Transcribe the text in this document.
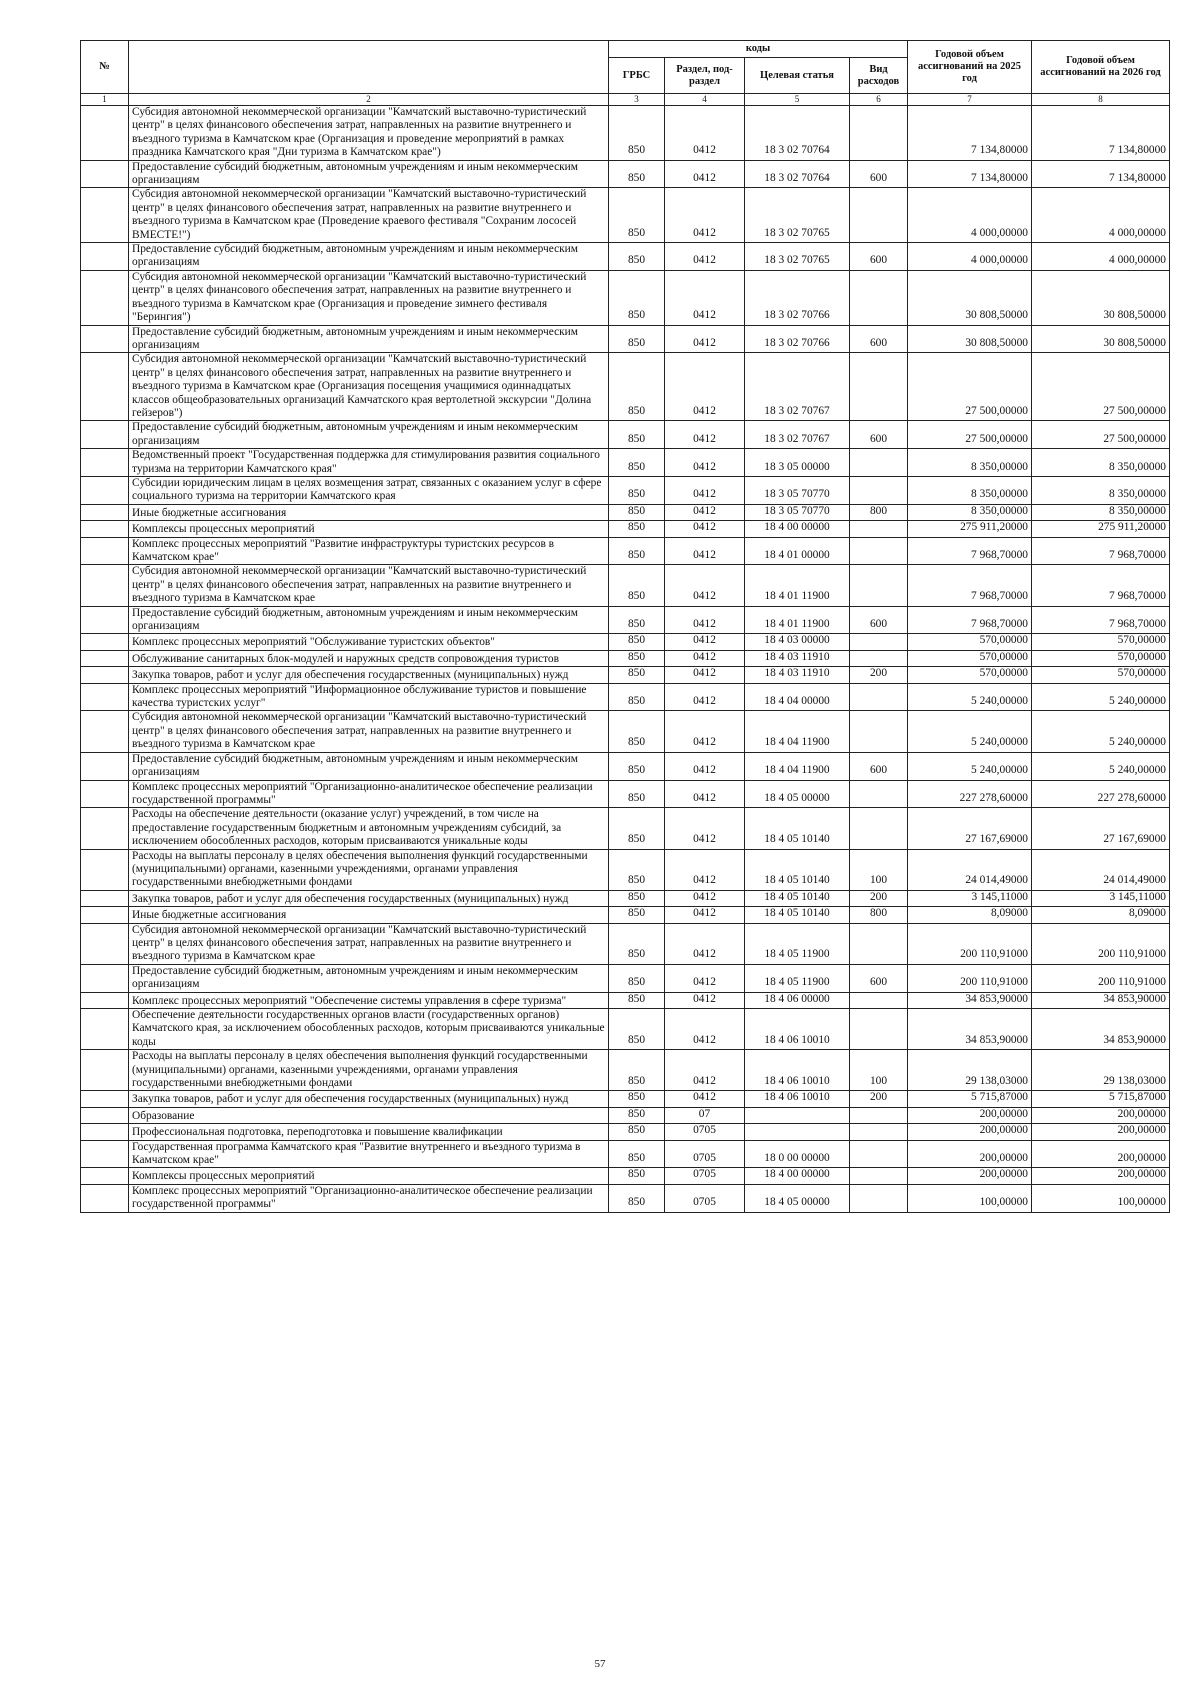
№		коды				Годовой объем ассигнований на 2025 год	Годовой объем ассигнований на 2026 год
		ГРБС	Раздел, под-раздел	Целевая статья	Вид расходов		
1	2	3	4	5	6	7	8
	Субсидия автономной некоммерческой организации "Камчатский выставочно-туристический центр" в целях финансового обеспечения затрат, направленных на развитие внутреннего и въездного туризма в Камчатском крае (Организация и проведение мероприятий в рамках праздника Камчатского края "Дни туризма в Камчатском крае")	850	0412	18 3 02 70764		7 134,80000	7 134,80000
	Предоставление субсидий бюджетным, автономным учреждениям и иным некоммерческим организациям	850	0412	18 3 02 70764	600	7 134,80000	7 134,80000
	Субсидия автономной некоммерческой организации "Камчатский выставочно-туристический центр" в целях финансового обеспечения затрат, направленных на развитие внутреннего и въездного туризма в Камчатском крае (Проведение краевого фестиваля "Сохраним лососей ВМЕСТЕ!")	850	0412	18 3 02 70765		4 000,00000	4 000,00000
	Предоставление субсидий бюджетным, автономным учреждениям и иным некоммерческим организациям	850	0412	18 3 02 70765	600	4 000,00000	4 000,00000
	Субсидия автономной некоммерческой организации "Камчатский выставочно-туристический центр" в целях финансового обеспечения затрат, направленных на развитие внутреннего и въездного туризма в Камчатском крае (Организация и проведение зимнего фестиваля "Берингия")	850	0412	18 3 02 70766		30 808,50000	30 808,50000
	Предоставление субсидий бюджетным, автономным учреждениям и иным некоммерческим организациям	850	0412	18 3 02 70766	600	30 808,50000	30 808,50000
	Субсидия автономной некоммерческой организации "Камчатский выставочно-туристический центр" в целях финансового обеспечения затрат, направленных на развитие внутреннего и въездного туризма в Камчатском крае (Организация посещения учащимися одиннадцатых классов общеобразовательных организаций Камчатского края вертолетной экскурсии "Долина гейзеров")	850	0412	18 3 02 70767		27 500,00000	27 500,00000
	Предоставление субсидий бюджетным, автономным учреждениям и иным некоммерческим организациям	850	0412	18 3 02 70767	600	27 500,00000	27 500,00000
	Ведомственный проект "Государственная поддержка для стимулирования развития социального туризма на территории Камчатского края"	850	0412	18 3 05 00000		8 350,00000	8 350,00000
	Субсидии юридическим лицам в целях возмещения затрат, связанных с оказанием услуг в сфере социального туризма на территории Камчатского края	850	0412	18 3 05 70770		8 350,00000	8 350,00000
	Иные бюджетные ассигнования	850	0412	18 3 05 70770	800	8 350,00000	8 350,00000
	Комплексы процессных мероприятий	850	0412	18 4 00 00000		275 911,20000	275 911,20000
	Комплекс процессных мероприятий "Развитие инфраструктуры туристских ресурсов в Камчатском крае"	850	0412	18 4 01 00000		7 968,70000	7 968,70000
	Субсидия автономной некоммерческой организации "Камчатский выставочно-туристический центр" в целях финансового обеспечения затрат, направленных на развитие внутреннего и въездного туризма в Камчатском крае	850	0412	18 4 01 11900		7 968,70000	7 968,70000
	Предоставление субсидий бюджетным, автономным учреждениям и иным некоммерческим организациям	850	0412	18 4 01 11900	600	7 968,70000	7 968,70000
	Комплекс процессных мероприятий "Обслуживание туристских объектов"	850	0412	18 4 03 00000		570,00000	570,00000
	Обслуживание санитарных блок-модулей и наружных средств сопровождения туристов	850	0412	18 4 03 11910		570,00000	570,00000
	Закупка товаров, работ и услуг для обеспечения государственных (муниципальных) нужд	850	0412	18 4 03 11910	200	570,00000	570,00000
	Комплекс процессных мероприятий "Информационное обслуживание туристов и повышение качества туристских услуг"	850	0412	18 4 04 00000		5 240,00000	5 240,00000
	Субсидия автономной некоммерческой организации "Камчатский выставочно-туристический центр" в целях финансового обеспечения затрат, направленных на развитие внутреннего и въездного туризма в Камчатском крае	850	0412	18 4 04 11900		5 240,00000	5 240,00000
	Предоставление субсидий бюджетным, автономным учреждениям и иным некоммерческим организациям	850	0412	18 4 04 11900	600	5 240,00000	5 240,00000
	Комплекс процессных мероприятий "Организационно-аналитическое обеспечение реализации государственной программы"	850	0412	18 4 05 00000		227 278,60000	227 278,60000
	Расходы на обеспечение деятельности (оказание услуг) учреждений, в том числе на предоставление государственным бюджетным и автономным учреждениям субсидий, за исключением обособленных расходов, которым присваиваются уникальные коды	850	0412	18 4 05 10140		27 167,69000	27 167,69000
	Расходы на выплаты персоналу в целях обеспечения выполнения функций государственными (муниципальными) органами, казенными учреждениями, органами управления государственными внебюджетными фондами	850	0412	18 4 05 10140	100	24 014,49000	24 014,49000
	Закупка товаров, работ и услуг для обеспечения государственных (муниципальных) нужд	850	0412	18 4 05 10140	200	3 145,11000	3 145,11000
	Иные бюджетные ассигнования	850	0412	18 4 05 10140	800	8,09000	8,09000
	Субсидия автономной некоммерческой организации "Камчатский выставочно-туристический центр" в целях финансового обеспечения затрат, направленных на развитие внутреннего и въездного туризма в Камчатском крае	850	0412	18 4 05 11900		200 110,91000	200 110,91000
	Предоставление субсидий бюджетным, автономным учреждениям и иным некоммерческим организациям	850	0412	18 4 05 11900	600	200 110,91000	200 110,91000
	Комплекс процессных мероприятий "Обеспечение системы управления в сфере туризма"	850	0412	18 4 06 00000		34 853,90000	34 853,90000
	Обеспечение деятельности государственных органов власти (государственных органов) Камчатского края, за исключением обособленных расходов, которым присваиваются уникальные коды	850	0412	18 4 06 10010		34 853,90000	34 853,90000
	Расходы на выплаты персоналу в целях обеспечения выполнения функций государственными (муниципальными) органами, казенными учреждениями, органами управления государственными внебюджетными фондами	850	0412	18 4 06 10010	100	29 138,03000	29 138,03000
	Закупка товаров, работ и услуг для обеспечения государственных (муниципальных) нужд	850	0412	18 4 06 10010	200	5 715,87000	5 715,87000
	Образование	850	07			200,00000	200,00000
	Профессиональная подготовка, переподготовка и повышение квалификации	850	0705			200,00000	200,00000
	Государственная программа Камчатского края "Развитие внутреннего и въездного туризма в Камчатском крае"	850	0705	18 0 00 00000		200,00000	200,00000
	Комплексы процессных мероприятий	850	0705	18 4 00 00000		200,00000	200,00000
	Комплекс процессных мероприятий "Организационно-аналитическое обеспечение реализации государственной программы"	850	0705	18 4 05 00000		100,00000	100,00000
57
